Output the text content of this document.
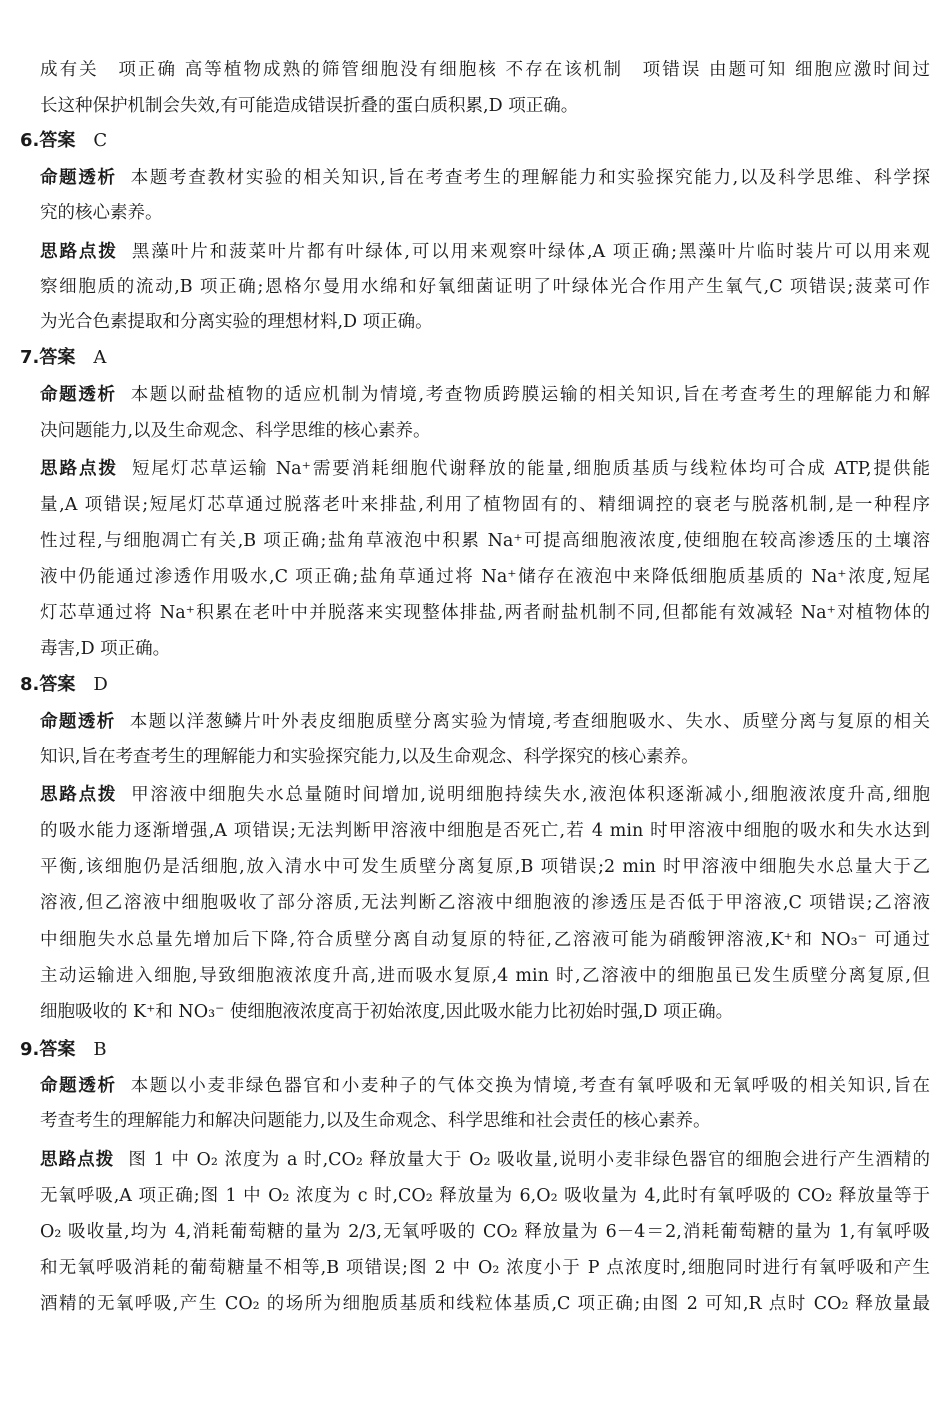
成有关　项正确 高等植物成熟的筛管细胞没有细胞核 不存在该机制　项错误 由题可知 细胞应激时间过
长这种保护机制会失效,有可能造成错误折叠的蛋白质积累,D 项正确。
6.答案 C
命题透析 本题考查教材实验的相关知识,旨在考查考生的理解能力和实验探究能力,以及科学思维、科学探
究的核心素养。
思路点拨 黑藻叶片和菠菜叶片都有叶绿体,可以用来观察叶绿体,A 项正确;黑藻叶片临时装片可以用来观
察细胞质的流动,B 项正确;恩格尔曼用水绵和好氧细菌证明了叶绿体光合作用产生氧气,C 项错误;菠菜可作
为光合色素提取和分离实验的理想材料,D 项正确。
7.答案 A
命题透析 本题以耐盐植物的适应机制为情境,考查物质跨膜运输的相关知识,旨在考查考生的理解能力和解
决问题能力,以及生命观念、科学思维的核心素养。
思路点拨 短尾灯芯草运输 Na⁺需要消耗细胞代谢释放的能量,细胞质基质与线粒体均可合成 ATP,提供能
量,A 项错误;短尾灯芯草通过脱落老叶来排盐,利用了植物固有的、精细调控的衰老与脱落机制,是一种程序
性过程,与细胞凋亡有关,B 项正确;盐角草液泡中积累 Na⁺可提高细胞液浓度,使细胞在较高渗透压的土壤溶
液中仍能通过渗透作用吸水,C 项正确;盐角草通过将 Na⁺储存在液泡中来降低细胞质基质的 Na⁺浓度,短尾
灯芯草通过将 Na⁺积累在老叶中并脱落来实现整体排盐,两者耐盐机制不同,但都能有效减轻 Na⁺对植物体的
毒害,D 项正确。
8.答案 D
命题透析 本题以洋葱鳞片叶外表皮细胞质壁分离实验为情境,考查细胞吸水、失水、质壁分离与复原的相关
知识,旨在考查考生的理解能力和实验探究能力,以及生命观念、科学探究的核心素养。
思路点拨 甲溶液中细胞失水总量随时间增加,说明细胞持续失水,液泡体积逐渐减小,细胞液浓度升高,细胞
的吸水能力逐渐增强,A 项错误;无法判断甲溶液中细胞是否死亡,若 4 min 时甲溶液中细胞的吸水和失水达到
平衡,该细胞仍是活细胞,放入清水中可发生质壁分离复原,B 项错误;2 min 时甲溶液中细胞失水总量大于乙
溶液,但乙溶液中细胞吸收了部分溶质,无法判断乙溶液中细胞液的渗透压是否低于甲溶液,C 项错误;乙溶液
中细胞失水总量先增加后下降,符合质壁分离自动复原的特征,乙溶液可能为硝酸钾溶液,K⁺和 NO₃⁻ 可通过
主动运输进入细胞,导致细胞液浓度升高,进而吸水复原,4 min 时,乙溶液中的细胞虽已发生质壁分离复原,但
细胞吸收的 K⁺和 NO₃⁻ 使细胞液浓度高于初始浓度,因此吸水能力比初始时强,D 项正确。
9.答案 B
命题透析 本题以小麦非绿色器官和小麦种子的气体交换为情境,考查有氧呼吸和无氧呼吸的相关知识,旨在
考查考生的理解能力和解决问题能力,以及生命观念、科学思维和社会责任的核心素养。
思路点拨 图 1 中 O₂ 浓度为 a 时,CO₂ 释放量大于 O₂ 吸收量,说明小麦非绿色器官的细胞会进行产生酒精的
无氧呼吸,A 项正确;图 1 中 O₂ 浓度为 c 时,CO₂ 释放量为 6,O₂ 吸收量为 4,此时有氧呼吸的 CO₂ 释放量等于
O₂ 吸收量,均为 4,消耗葡萄糖的量为 2/3,无氧呼吸的 CO₂ 释放量为 6－4＝2,消耗葡萄糖的量为 1,有氧呼吸
和无氧呼吸消耗的葡萄糖量不相等,B 项错误;图 2 中 O₂ 浓度小于 P 点浓度时,细胞同时进行有氧呼吸和产生
酒精的无氧呼吸,产生 CO₂ 的场所为细胞质基质和线粒体基质,C 项正确;由图 2 可知,R 点时 CO₂ 释放量最
